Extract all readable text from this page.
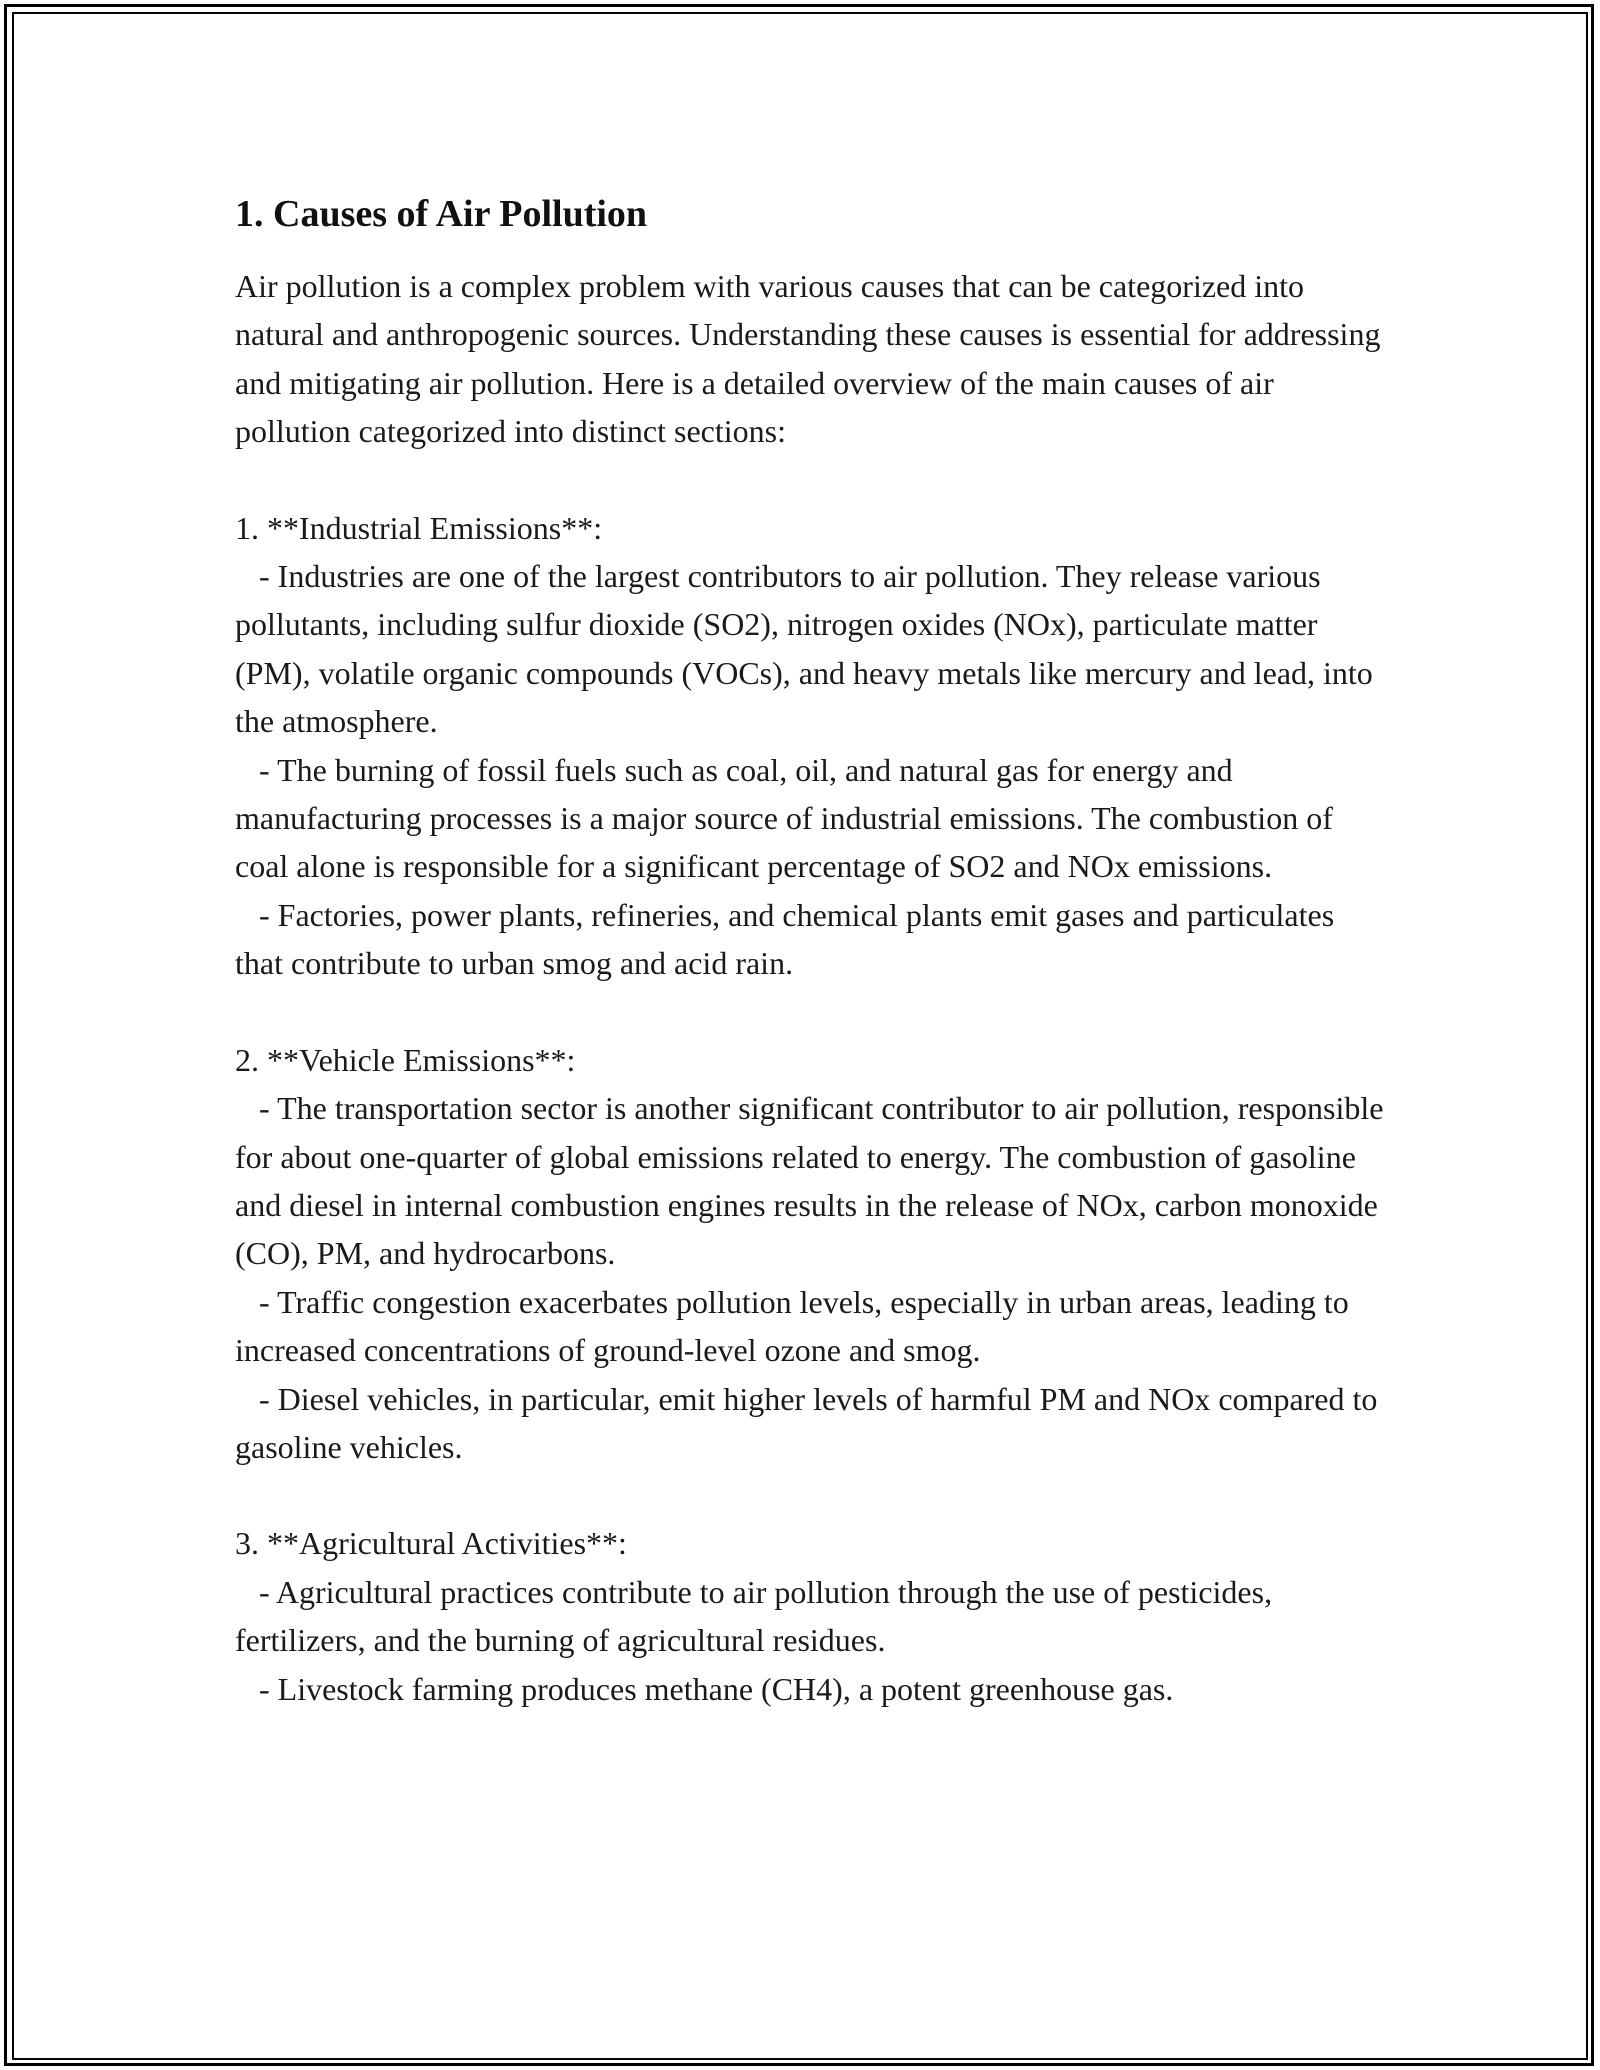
1. Causes of Air Pollution

Air pollution is a complex problem with various causes that can be categorized into natural and anthropogenic sources. Understanding these causes is essential for addressing and mitigating air pollution. Here is a detailed overview of the main causes of air pollution categorized into distinct sections:

1. **Industrial Emissions**:
- Industries are one of the largest contributors to air pollution. They release various pollutants, including sulfur dioxide (SO2), nitrogen oxides (NOx), particulate matter (PM), volatile organic compounds (VOCs), and heavy metals like mercury and lead, into the atmosphere.
- The burning of fossil fuels such as coal, oil, and natural gas for energy and manufacturing processes is a major source of industrial emissions. The combustion of coal alone is responsible for a significant percentage of SO2 and NOx emissions.
- Factories, power plants, refineries, and chemical plants emit gases and particulates that contribute to urban smog and acid rain.
2. **Vehicle Emissions**:
- The transportation sector is another significant contributor to air pollution, responsible for about one-quarter of global emissions related to energy. The combustion of gasoline and diesel in internal combustion engines results in the release of NOx, carbon monoxide (CO), PM, and hydrocarbons.
- Traffic congestion exacerbates pollution levels, especially in urban areas, leading to increased concentrations of ground-level ozone and smog.
- Diesel vehicles, in particular, emit higher levels of harmful PM and NOx compared to gasoline vehicles.
3. **Agricultural Activities**:
- Agricultural practices contribute to air pollution through the use of pesticides, fertilizers, and the burning of agricultural residues.
- Livestock farming produces methane (CH4), a potent greenhouse gas.
